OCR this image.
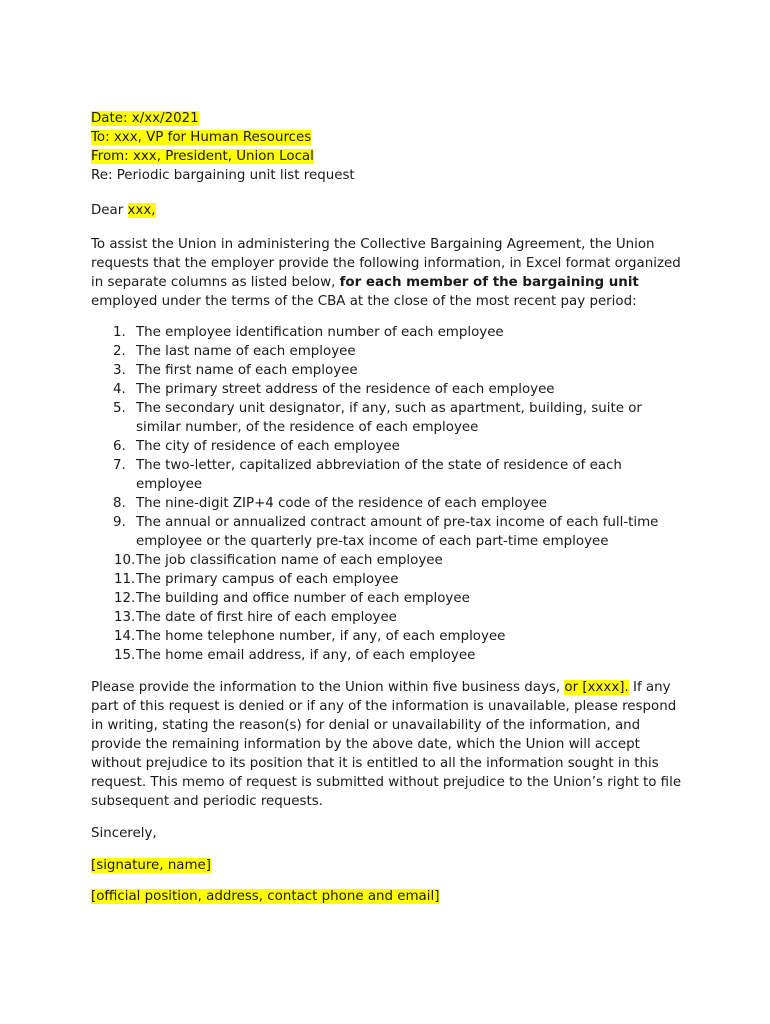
Date: x/xx/2021
To: xxx, VP for Human Resources
From: xxx, President, Union Local
Re: Periodic bargaining unit list request
Dear xxx,
To assist the Union in administering the Collective Bargaining Agreement, the Union requests that the employer provide the following information, in Excel format organized in separate columns as listed below, for each member of the bargaining unit employed under the terms of the CBA at the close of the most recent pay period:
1. The employee identification number of each employee
2. The last name of each employee
3. The first name of each employee
4. The primary street address of the residence of each employee
5. The secondary unit designator, if any, such as apartment, building, suite or similar number, of the residence of each employee
6. The city of residence of each employee
7. The two-letter, capitalized abbreviation of the state of residence of each employee
8. The nine-digit ZIP+4 code of the residence of each employee
9. The annual or annualized contract amount of pre-tax income of each full-time employee or the quarterly pre-tax income of each part-time employee
10. The job classification name of each employee
11. The primary campus of each employee
12. The building and office number of each employee
13. The date of first hire of each employee
14. The home telephone number, if any, of each employee
15. The home email address, if any, of each employee
Please provide the information to the Union within five business days, or [xxxx]. If any part of this request is denied or if any of the information is unavailable, please respond in writing, stating the reason(s) for denial or unavailability of the information, and provide the remaining information by the above date, which the Union will accept without prejudice to its position that it is entitled to all the information sought in this request. This memo of request is submitted without prejudice to the Union’s right to file subsequent and periodic requests.
Sincerely,
[signature, name]
[official position, address, contact phone and email]
